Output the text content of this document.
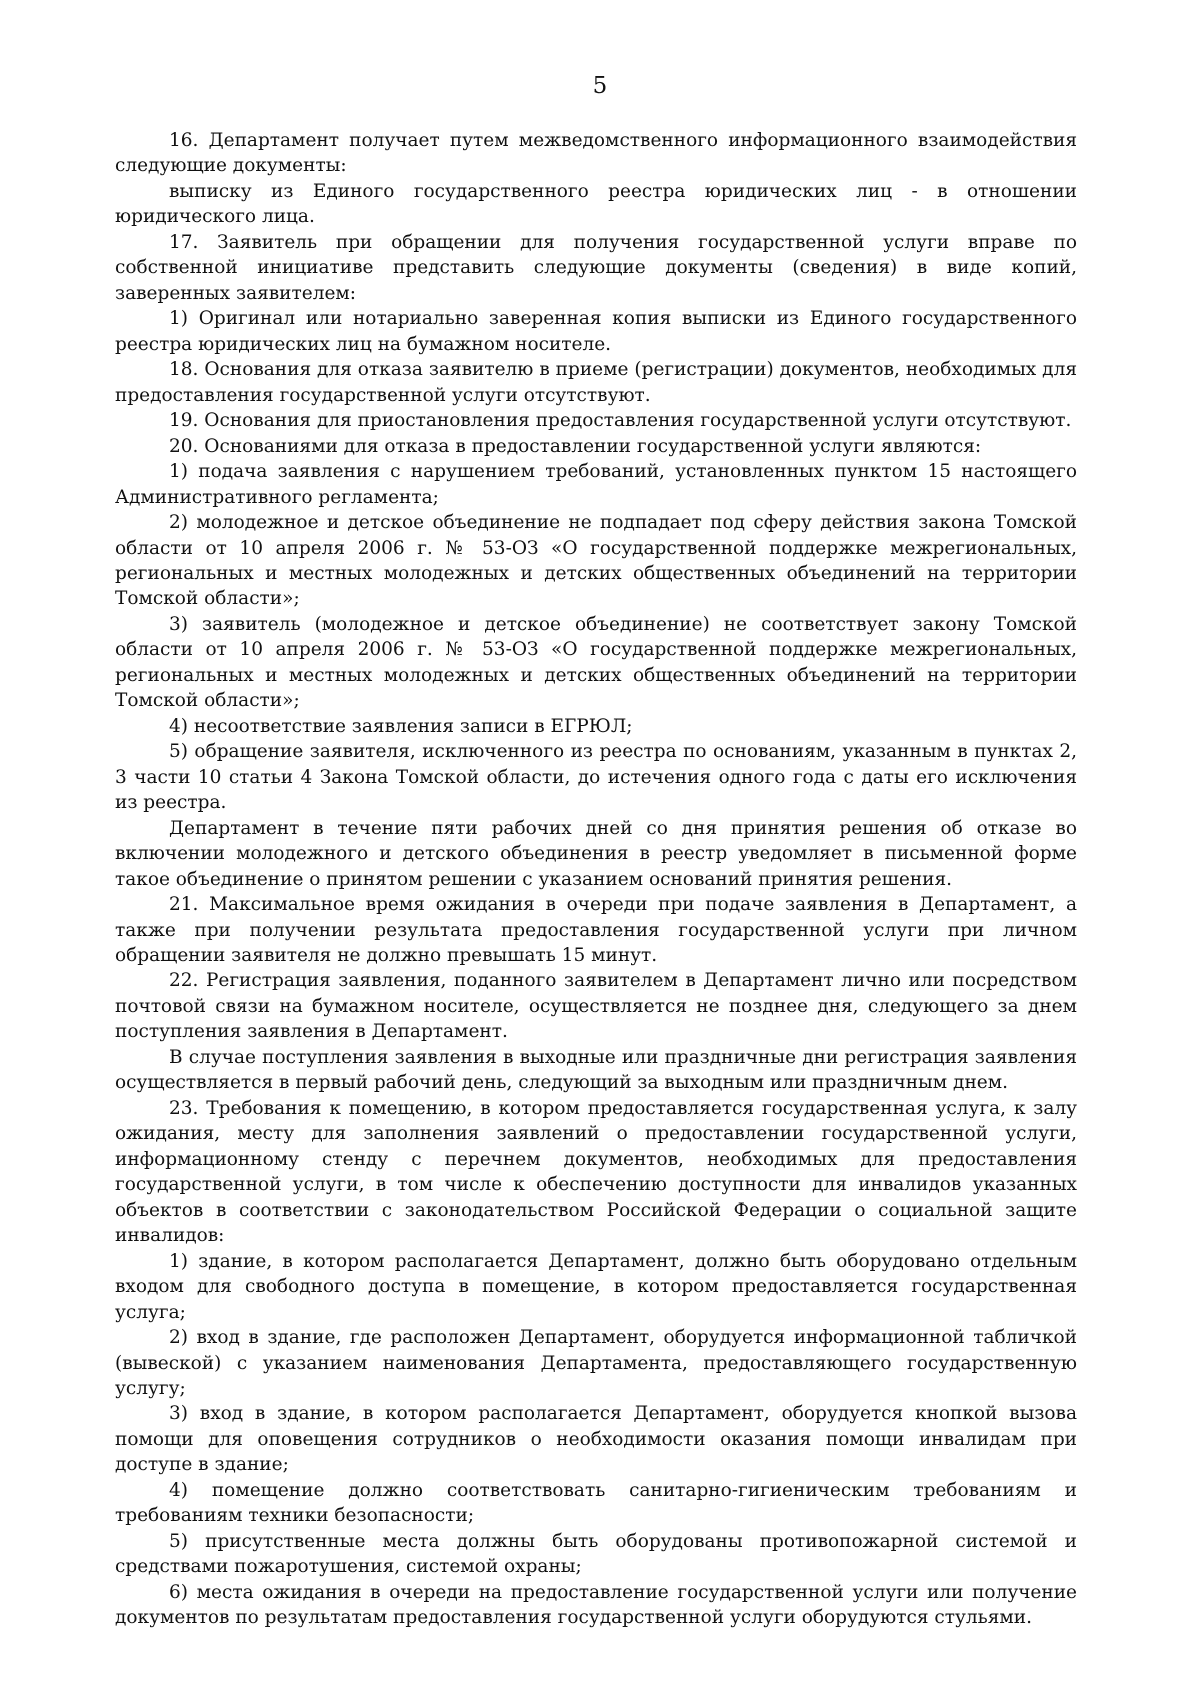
5

16. Департамент получает путем межведомственного информационного взаимодействия следующие документы:

выписку из Единого государственного реестра юридических лиц - в отношении юридического лица.

17. Заявитель при обращении для получения государственной услуги вправе по собственной инициативе представить следующие документы (сведения) в виде копий, заверенных заявителем:

1) Оригинал или нотариально заверенная копия выписки из Единого государственного реестра юридических лиц на бумажном носителе.

18. Основания для отказа заявителю в приеме (регистрации) документов, необходимых для предоставления государственной услуги отсутствуют.

19. Основания для приостановления предоставления государственной услуги отсутствуют.

20. Основаниями для отказа в предоставлении государственной услуги являются:

1) подача заявления с нарушением требований, установленных пунктом 15 настоящего Административного регламента;

2) молодежное и детское объединение не подпадает под сферу действия закона Томской области от 10 апреля 2006 г. № 53-ОЗ «О государственной поддержке межрегиональных, региональных и местных молодежных и детских общественных объединений на территории Томской области»;

3) заявитель (молодежное и детское объединение) не соответствует закону Томской области от 10 апреля 2006 г. № 53-ОЗ «О государственной поддержке межрегиональных, региональных и местных молодежных и детских общественных объединений на территории Томской области»;

4) несоответствие заявления записи в ЕГРЮЛ;

5) обращение заявителя, исключенного из реестра по основаниям, указанным в пунктах 2, 3 части 10 статьи 4 Закона Томской области, до истечения одного года с даты его исключения из реестра.

Департамент в течение пяти рабочих дней со дня принятия решения об отказе во включении молодежного и детского объединения в реестр уведомляет в письменной форме такое объединение о принятом решении с указанием оснований принятия решения.

21. Максимальное время ожидания в очереди при подаче заявления в Департамент, а также при получении результата предоставления государственной услуги при личном обращении заявителя не должно превышать 15 минут.

22. Регистрация заявления, поданного заявителем в Департамент лично или посредством почтовой связи на бумажном носителе, осуществляется не позднее дня, следующего за днем поступления заявления в Департамент.

В случае поступления заявления в выходные или праздничные дни регистрация заявления осуществляется в первый рабочий день, следующий за выходным или праздничным днем.

23. Требования к помещению, в котором предоставляется государственная услуга, к залу ожидания, месту для заполнения заявлений о предоставлении государственной услуги, информационному стенду с перечнем документов, необходимых для предоставления государственной услуги, в том числе к обеспечению доступности для инвалидов указанных объектов в соответствии с законодательством Российской Федерации о социальной защите инвалидов:

1) здание, в котором располагается Департамент, должно быть оборудовано отдельным входом для свободного доступа в помещение, в котором предоставляется государственная услуга;

2) вход в здание, где расположен Департамент, оборудуется информационной табличкой (вывеской) с указанием наименования Департамента, предоставляющего государственную услугу;

3) вход в здание, в котором располагается Департамент, оборудуется кнопкой вызова помощи для оповещения сотрудников о необходимости оказания помощи инвалидам при доступе в здание;

4) помещение должно соответствовать санитарно-гигиеническим требованиям и требованиям техники безопасности;

5) присутственные места должны быть оборудованы противопожарной системой и средствами пожаротушения, системой охраны;

6) места ожидания в очереди на предоставление государственной услуги или получение документов по результатам предоставления государственной услуги оборудуются стульями.
